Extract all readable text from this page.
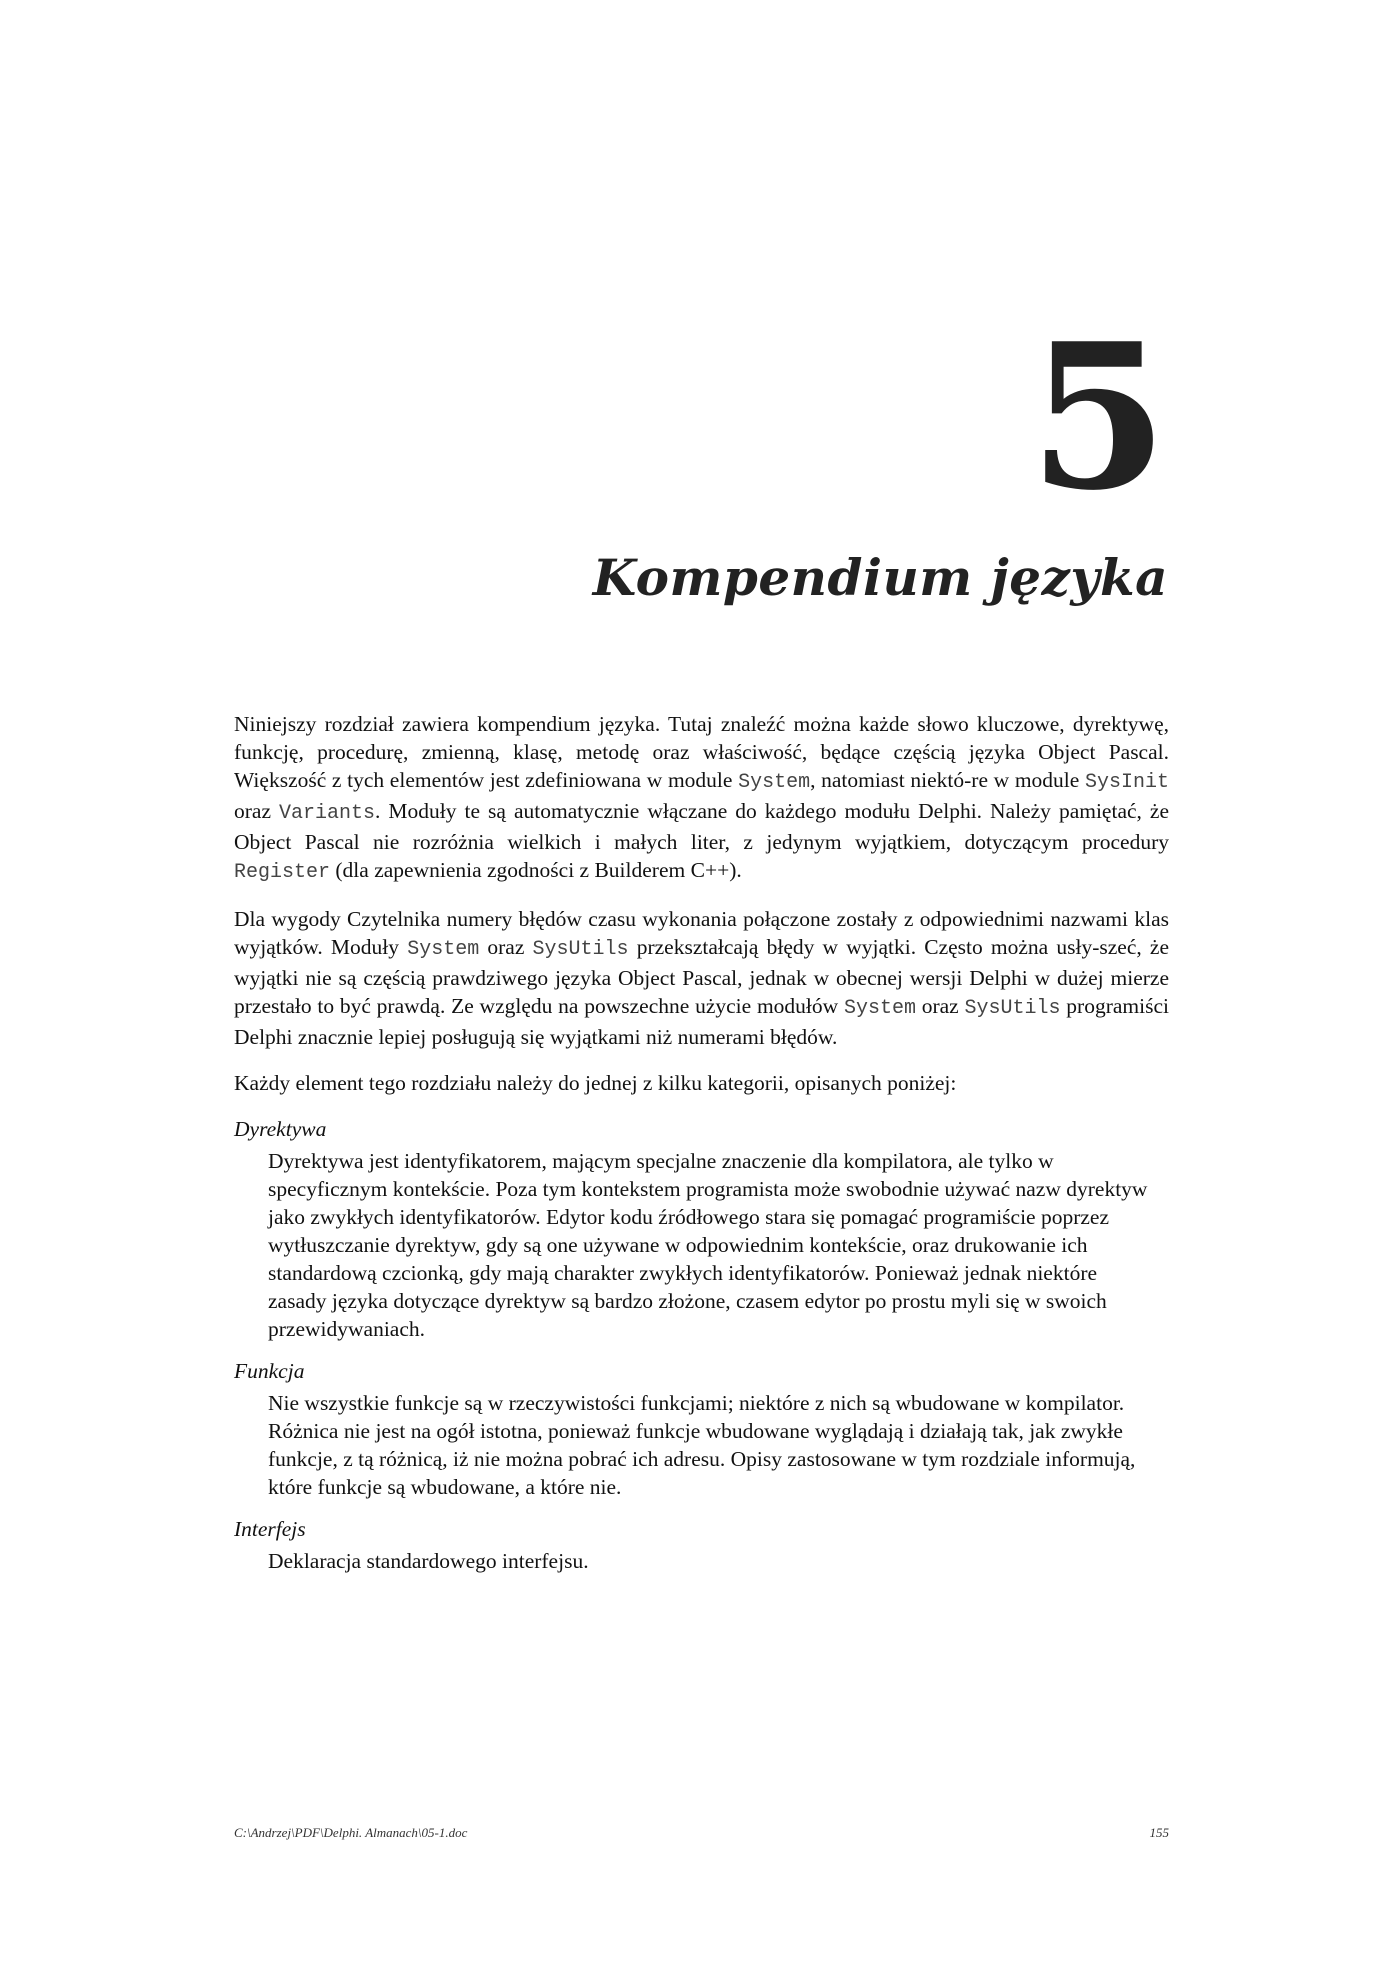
5
Kompendium języka

Niniejszy rozdział zawiera kompendium języka. Tutaj znaleźć można każde słowo kluczowe, dyrektywę, funkcję, procedurę, zmienną, klasę, metodę oraz właściwość, będące częścią języka Object Pascal. Większość z tych elementów jest zdefiniowana w module System, natomiast niektó-re w module SysInit oraz Variants. Moduły te są automatycznie włączane do każdego modułu Delphi. Należy pamiętać, że Object Pascal nie rozróżnia wielkich i małych liter, z jedynym wyjątkiem, dotyczącym procedury Register (dla zapewnienia zgodności z Builderem C++).

Dla wygody Czytelnika numery błędów czasu wykonania połączone zostały z odpowiednimi nazwami klas wyjątków. Moduły System oraz SysUtils przekształcają błędy w wyjątki. Często można usły-szeć, że wyjątki nie są częścią prawdziwego języka Object Pascal, jednak w obecnej wersji Delphi w dużej mierze przestało to być prawdą. Ze względu na powszechne użycie modułów System oraz SysUtils programiści Delphi znacznie lepiej posługują się wyjątkami niż numerami błędów.

Każdy element tego rozdziału należy do jednej z kilku kategorii, opisanych poniżej:

Dyrektywa
Dyrektywa jest identyfikatorem, mającym specjalne znaczenie dla kompilatora, ale tylko w specyficznym kontekście. Poza tym kontekstem programista może swobodnie używać nazw dyrektyw jako zwykłych identyfikatorów. Edytor kodu źródłowego stara się pomagać programiście poprzez wytłuszczanie dyrektyw, gdy są one używane w odpowiednim kontekście, oraz drukowanie ich standardową czcionką, gdy mają charakter zwykłych identyfikatorów. Ponieważ jednak niektóre zasady języka dotyczące dyrektyw są bardzo złożone, czasem edytor po prostu myli się w swoich przewidywaniach.
Funkcja
Nie wszystkie funkcje są w rzeczywistości funkcjami; niektóre z nich są wbudowane w kompilator. Różnica nie jest na ogół istotna, ponieważ funkcje wbudowane wyglądają i działają tak, jak zwykłe funkcje, z tą różnicą, iż nie można pobrać ich adresu. Opisy zastosowane w tym rozdziale informują, które funkcje są wbudowane, a które nie.
Interfejs
Deklaracja standardowego interfejsu.
C:\Andrzej\PDF\Delphi. Almanach\05-1.doc	155
